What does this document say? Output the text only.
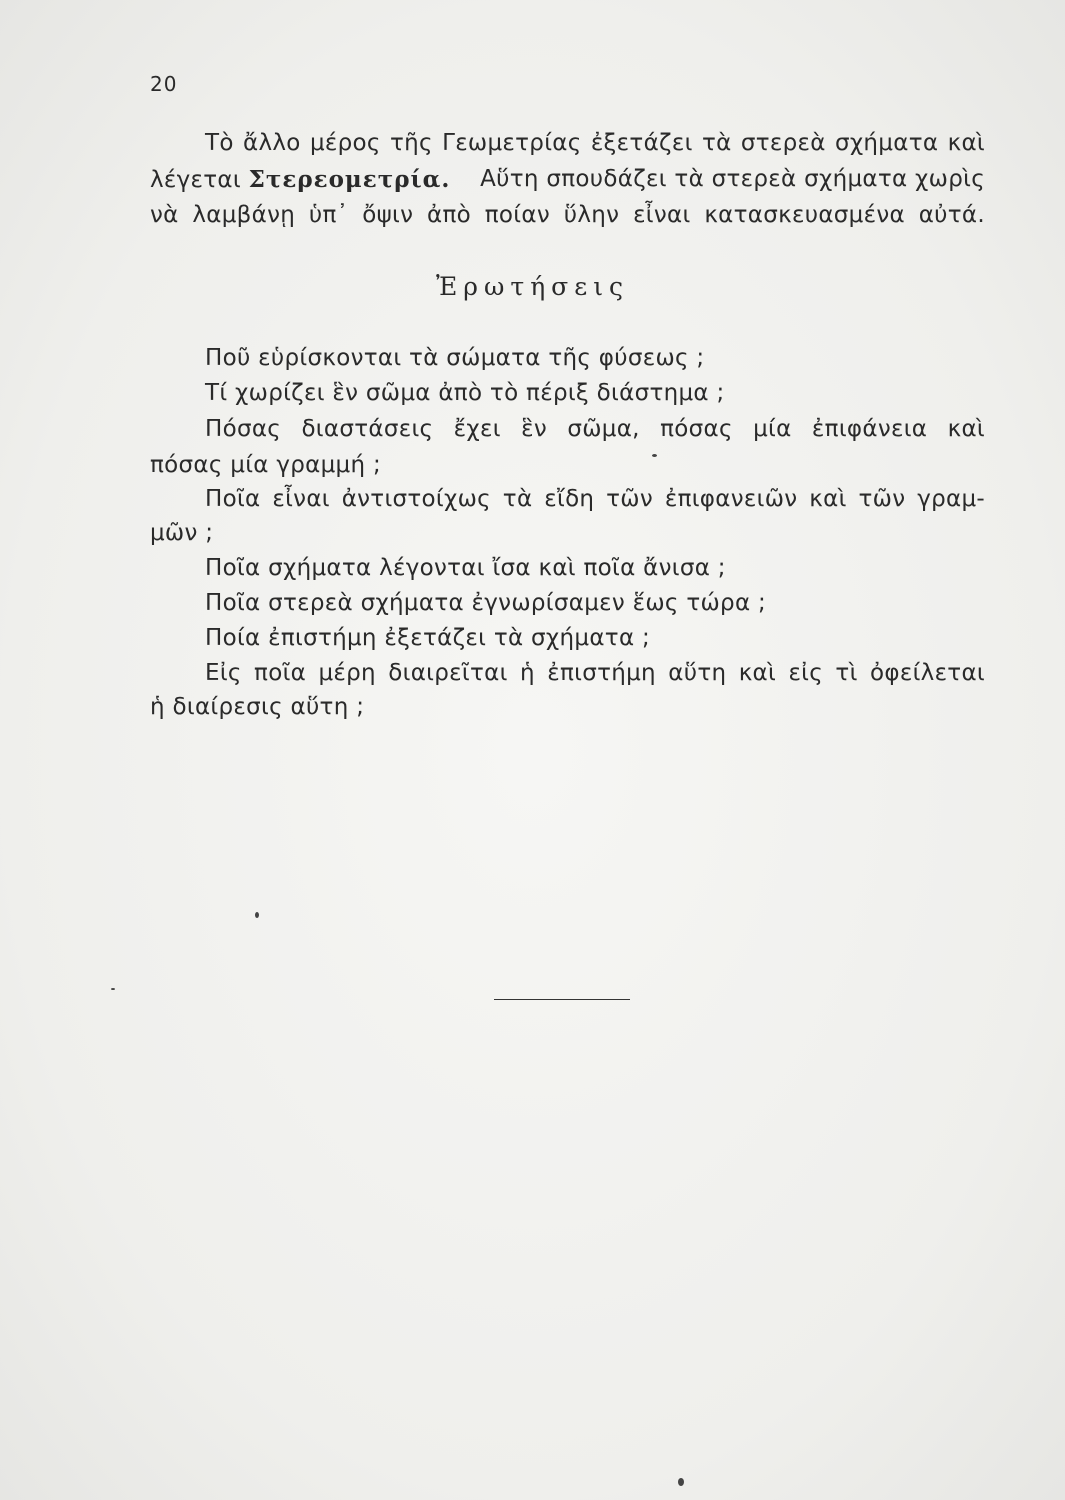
20
Τὸ ἄλλο μέρος τῆς Γεωμετρίας ἐξετάζει τὰ στερεὰ σχήματα καὶ
λέγεται Στερεομετρία. Αὕτη σπουδάζει τὰ στερεὰ σχήματα χωρὶς
νὰ λαμβάνῃ ὑπ᾿ ὄψιν ἀπὸ ποίαν ὕλην εἶναι κατασκευασμένα αὐτά.
Ἐρωτήσεις
Ποῦ εὑρίσκονται τὰ σώματα τῆς φύσεως ;
Τί χωρίζει ἓν σῶμα ἀπὸ τὸ πέριξ διάστημα ;
Πόσας διαστάσεις ἔχει ἓν σῶμα, πόσας μία ἐπιφάνεια καὶ
πόσας μία γραμμή ;
Ποῖα εἶναι ἀντιστοίχως τὰ εἴδη τῶν ἐπιφανειῶν καὶ τῶν γραμ-
μῶν ;
Ποῖα σχήματα λέγονται ἴσα καὶ ποῖα ἄνισα ;
Ποῖα στερεὰ σχήματα ἐγνωρίσαμεν ἕως τώρα ;
Ποία ἐπιστήμη ἐξετάζει τὰ σχήματα ;
Εἰς ποῖα μέρη διαιρεῖται ἡ ἐπιστήμη αὕτη καὶ εἰς τὶ ὀφείλεται
ἡ διαίρεσις αὕτη ;
